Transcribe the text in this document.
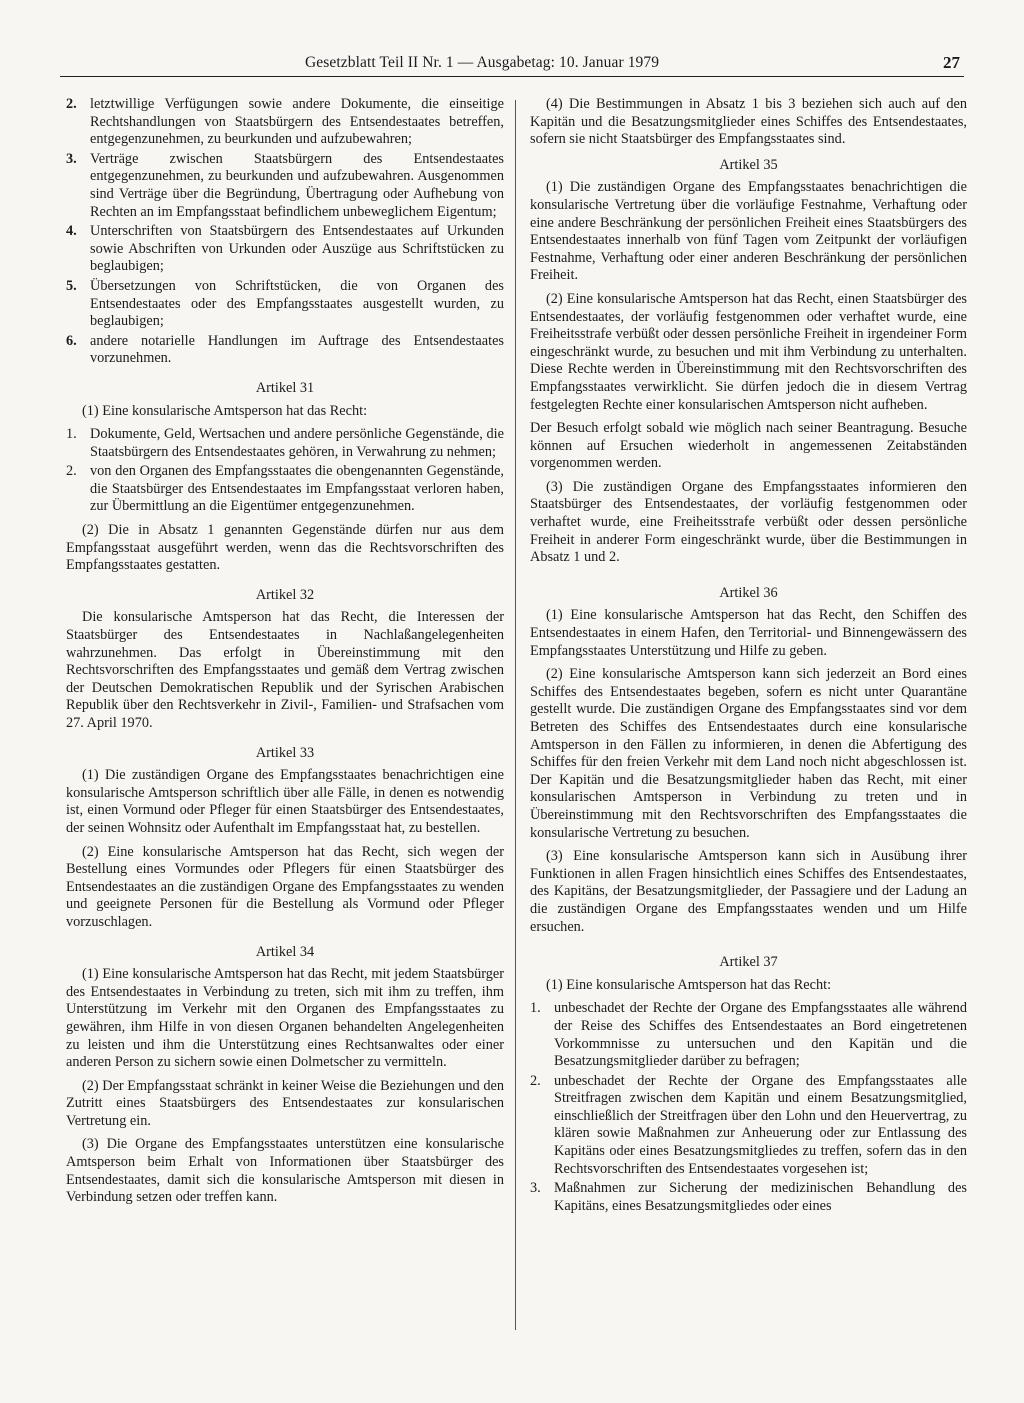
Gesetzblatt Teil II Nr. 1 — Ausgabetag: 10. Januar 1979	27
2. letztwillige Verfügungen sowie andere Dokumente, die einseitige Rechtshandlungen von Staatsbürgern des Entsendestaates betreffen, entgegenzunehmen, zu beurkunden und aufzubewahren;
3. Verträge zwischen Staatsbürgern des Entsendestaates entgegenzunehmen, zu beurkunden und aufzubewahren. Ausgenommen sind Verträge über die Begründung, Übertragung oder Aufhebung von Rechten an im Empfangsstaat befindlichem unbeweglichem Eigentum;
4. Unterschriften von Staatsbürgern des Entsendestaates auf Urkunden sowie Abschriften von Urkunden oder Auszüge aus Schriftstücken zu beglaubigen;
5. Übersetzungen von Schriftstücken, die von Organen des Entsendestaates oder des Empfangsstaates ausgestellt wurden, zu beglaubigen;
6. andere notarielle Handlungen im Auftrage des Entsendestaates vorzunehmen.
Artikel 31

(1) Eine konsularische Amtsperson hat das Recht:

1. Dokumente, Geld, Wertsachen und andere persönliche Gegenstände, die Staatsbürgern des Entsendestaates gehören, in Verwahrung zu nehmen;
2. von den Organen des Empfangsstaates die obengenannten Gegenstände, die Staatsbürger des Entsendestaates im Empfangsstaat verloren haben, zur Übermittlung an die Eigentümer entgegenzunehmen.

(2) Die in Absatz 1 genannten Gegenstände dürfen nur aus dem Empfangsstaat ausgeführt werden, wenn das die Rechtsvorschriften des Empfangsstaates gestatten.

Artikel 32

Die konsularische Amtsperson hat das Recht, die Interessen der Staatsbürger des Entsendestaates in Nachlaßangelegenheiten wahrzunehmen. Das erfolgt in Übereinstimmung mit den Rechtsvorschriften des Empfangsstaates und gemäß dem Vertrag zwischen der Deutschen Demokratischen Republik und der Syrischen Arabischen Republik über den Rechtsverkehr in Zivil-, Familien- und Strafsachen vom 27. April 1970.

Artikel 33

(1) Die zuständigen Organe des Empfangsstaates benachrichtigen eine konsularische Amtsperson schriftlich über alle Fälle, in denen es notwendig ist, einen Vormund oder Pfleger für einen Staatsbürger des Entsendestaates, der seinen Wohnsitz oder Aufenthalt im Empfangsstaat hat, zu bestellen.

(2) Eine konsularische Amtsperson hat das Recht, sich wegen der Bestellung eines Vormundes oder Pflegers für einen Staatsbürger des Entsendestaates an die zuständigen Organe des Empfangsstaates zu wenden und geeignete Personen für die Bestellung als Vormund oder Pfleger vorzuschlagen.

Artikel 34

(1) Eine konsularische Amtsperson hat das Recht, mit jedem Staatsbürger des Entsendestaates in Verbindung zu treten, sich mit ihm zu treffen, ihm Unterstützung im Verkehr mit den Organen des Empfangsstaates zu gewähren, ihm Hilfe in von diesen Organen behandelten Angelegenheiten zu leisten und ihm die Unterstützung eines Rechtsanwaltes oder einer anderen Person zu sichern sowie einen Dolmetscher zu vermitteln.

(2) Der Empfangsstaat schränkt in keiner Weise die Beziehungen und den Zutritt eines Staatsbürgers des Entsendestaates zur konsularischen Vertretung ein.

(3) Die Organe des Empfangsstaates unterstützen eine konsularische Amtsperson beim Erhalt von Informationen über Staatsbürger des Entsendestaates, damit sich die konsularische Amtsperson mit diesen in Verbindung setzen oder treffen kann.

(4) Die Bestimmungen in Absatz 1 bis 3 beziehen sich auch auf den Kapitän und die Besatzungsmitglieder eines Schiffes des Entsendestaates, sofern sie nicht Staatsbürger des Empfangsstaates sind.

Artikel 35

(1) Die zuständigen Organe des Empfangsstaates benachrichtigen die konsularische Vertretung über die vorläufige Festnahme, Verhaftung oder eine andere Beschränkung der persönlichen Freiheit eines Staatsbürgers des Entsendestaates innerhalb von fünf Tagen vom Zeitpunkt der vorläufigen Festnahme, Verhaftung oder einer anderen Beschränkung der persönlichen Freiheit.

(2) Eine konsularische Amtsperson hat das Recht, einen Staatsbürger des Entsendestaates, der vorläufig festgenommen oder verhaftet wurde, eine Freiheitsstrafe verbüßt oder dessen persönliche Freiheit in irgendeiner Form eingeschränkt wurde, zu besuchen und mit ihm Verbindung zu unterhalten. Diese Rechte werden in Übereinstimmung mit den Rechtsvorschriften des Empfangsstaates verwirklicht. Sie dürfen jedoch die in diesem Vertrag festgelegten Rechte einer konsularischen Amtsperson nicht aufheben.

Der Besuch erfolgt sobald wie möglich nach seiner Beantragung. Besuche können auf Ersuchen wiederholt in angemessenen Zeitabständen vorgenommen werden.

(3) Die zuständigen Organe des Empfangsstaates informieren den Staatsbürger des Entsendestaates, der vorläufig festgenommen oder verhaftet wurde, eine Freiheitsstrafe verbüßt oder dessen persönliche Freiheit in anderer Form eingeschränkt wurde, über die Bestimmungen in Absatz 1 und 2.

Artikel 36

(1) Eine konsularische Amtsperson hat das Recht, den Schiffen des Entsendestaates in einem Hafen, den Territorial- und Binnengewässern des Empfangsstaates Unterstützung und Hilfe zu geben.

(2) Eine konsularische Amtsperson kann sich jederzeit an Bord eines Schiffes des Entsendestaates begeben, sofern es nicht unter Quarantäne gestellt wurde. Die zuständigen Organe des Empfangsstaates sind vor dem Betreten des Schiffes des Entsendestaates durch eine konsularische Amtsperson in den Fällen zu informieren, in denen die Abfertigung des Schiffes für den freien Verkehr mit dem Land noch nicht abgeschlossen ist. Der Kapitän und die Besatzungsmitglieder haben das Recht, mit einer konsularischen Amtsperson in Verbindung zu treten und in Übereinstimmung mit den Rechtsvorschriften des Empfangsstaates die konsularische Vertretung zu besuchen.

(3) Eine konsularische Amtsperson kann sich in Ausübung ihrer Funktionen in allen Fragen hinsichtlich eines Schiffes des Entsendestaates, des Kapitäns, der Besatzungsmitglieder, der Passagiere und der Ladung an die zuständigen Organe des Empfangsstaates wenden und um Hilfe ersuchen.

Artikel 37

(1) Eine konsularische Amtsperson hat das Recht:

1. unbeschadet der Rechte der Organe des Empfangsstaates alle während der Reise des Schiffes des Entsendestaates an Bord eingetretenen Vorkommnisse zu untersuchen und den Kapitän und die Besatzungsmitglieder darüber zu befragen;
2. unbeschadet der Rechte der Organe des Empfangsstaates alle Streitfragen zwischen dem Kapitän und einem Besatzungsmitglied, einschließlich der Streitfragen über den Lohn und den Heuervertrag, zu klären sowie Maßnahmen zur Anheuerung oder zur Entlassung des Kapitäns oder eines Besatzungsmitgliedes zu treffen, sofern das in den Rechtsvorschriften des Entsendestaates vorgesehen ist;
3. Maßnahmen zur Sicherung der medizinischen Behandlung des Kapitäns, eines Besatzungsmitgliedes oder eines
